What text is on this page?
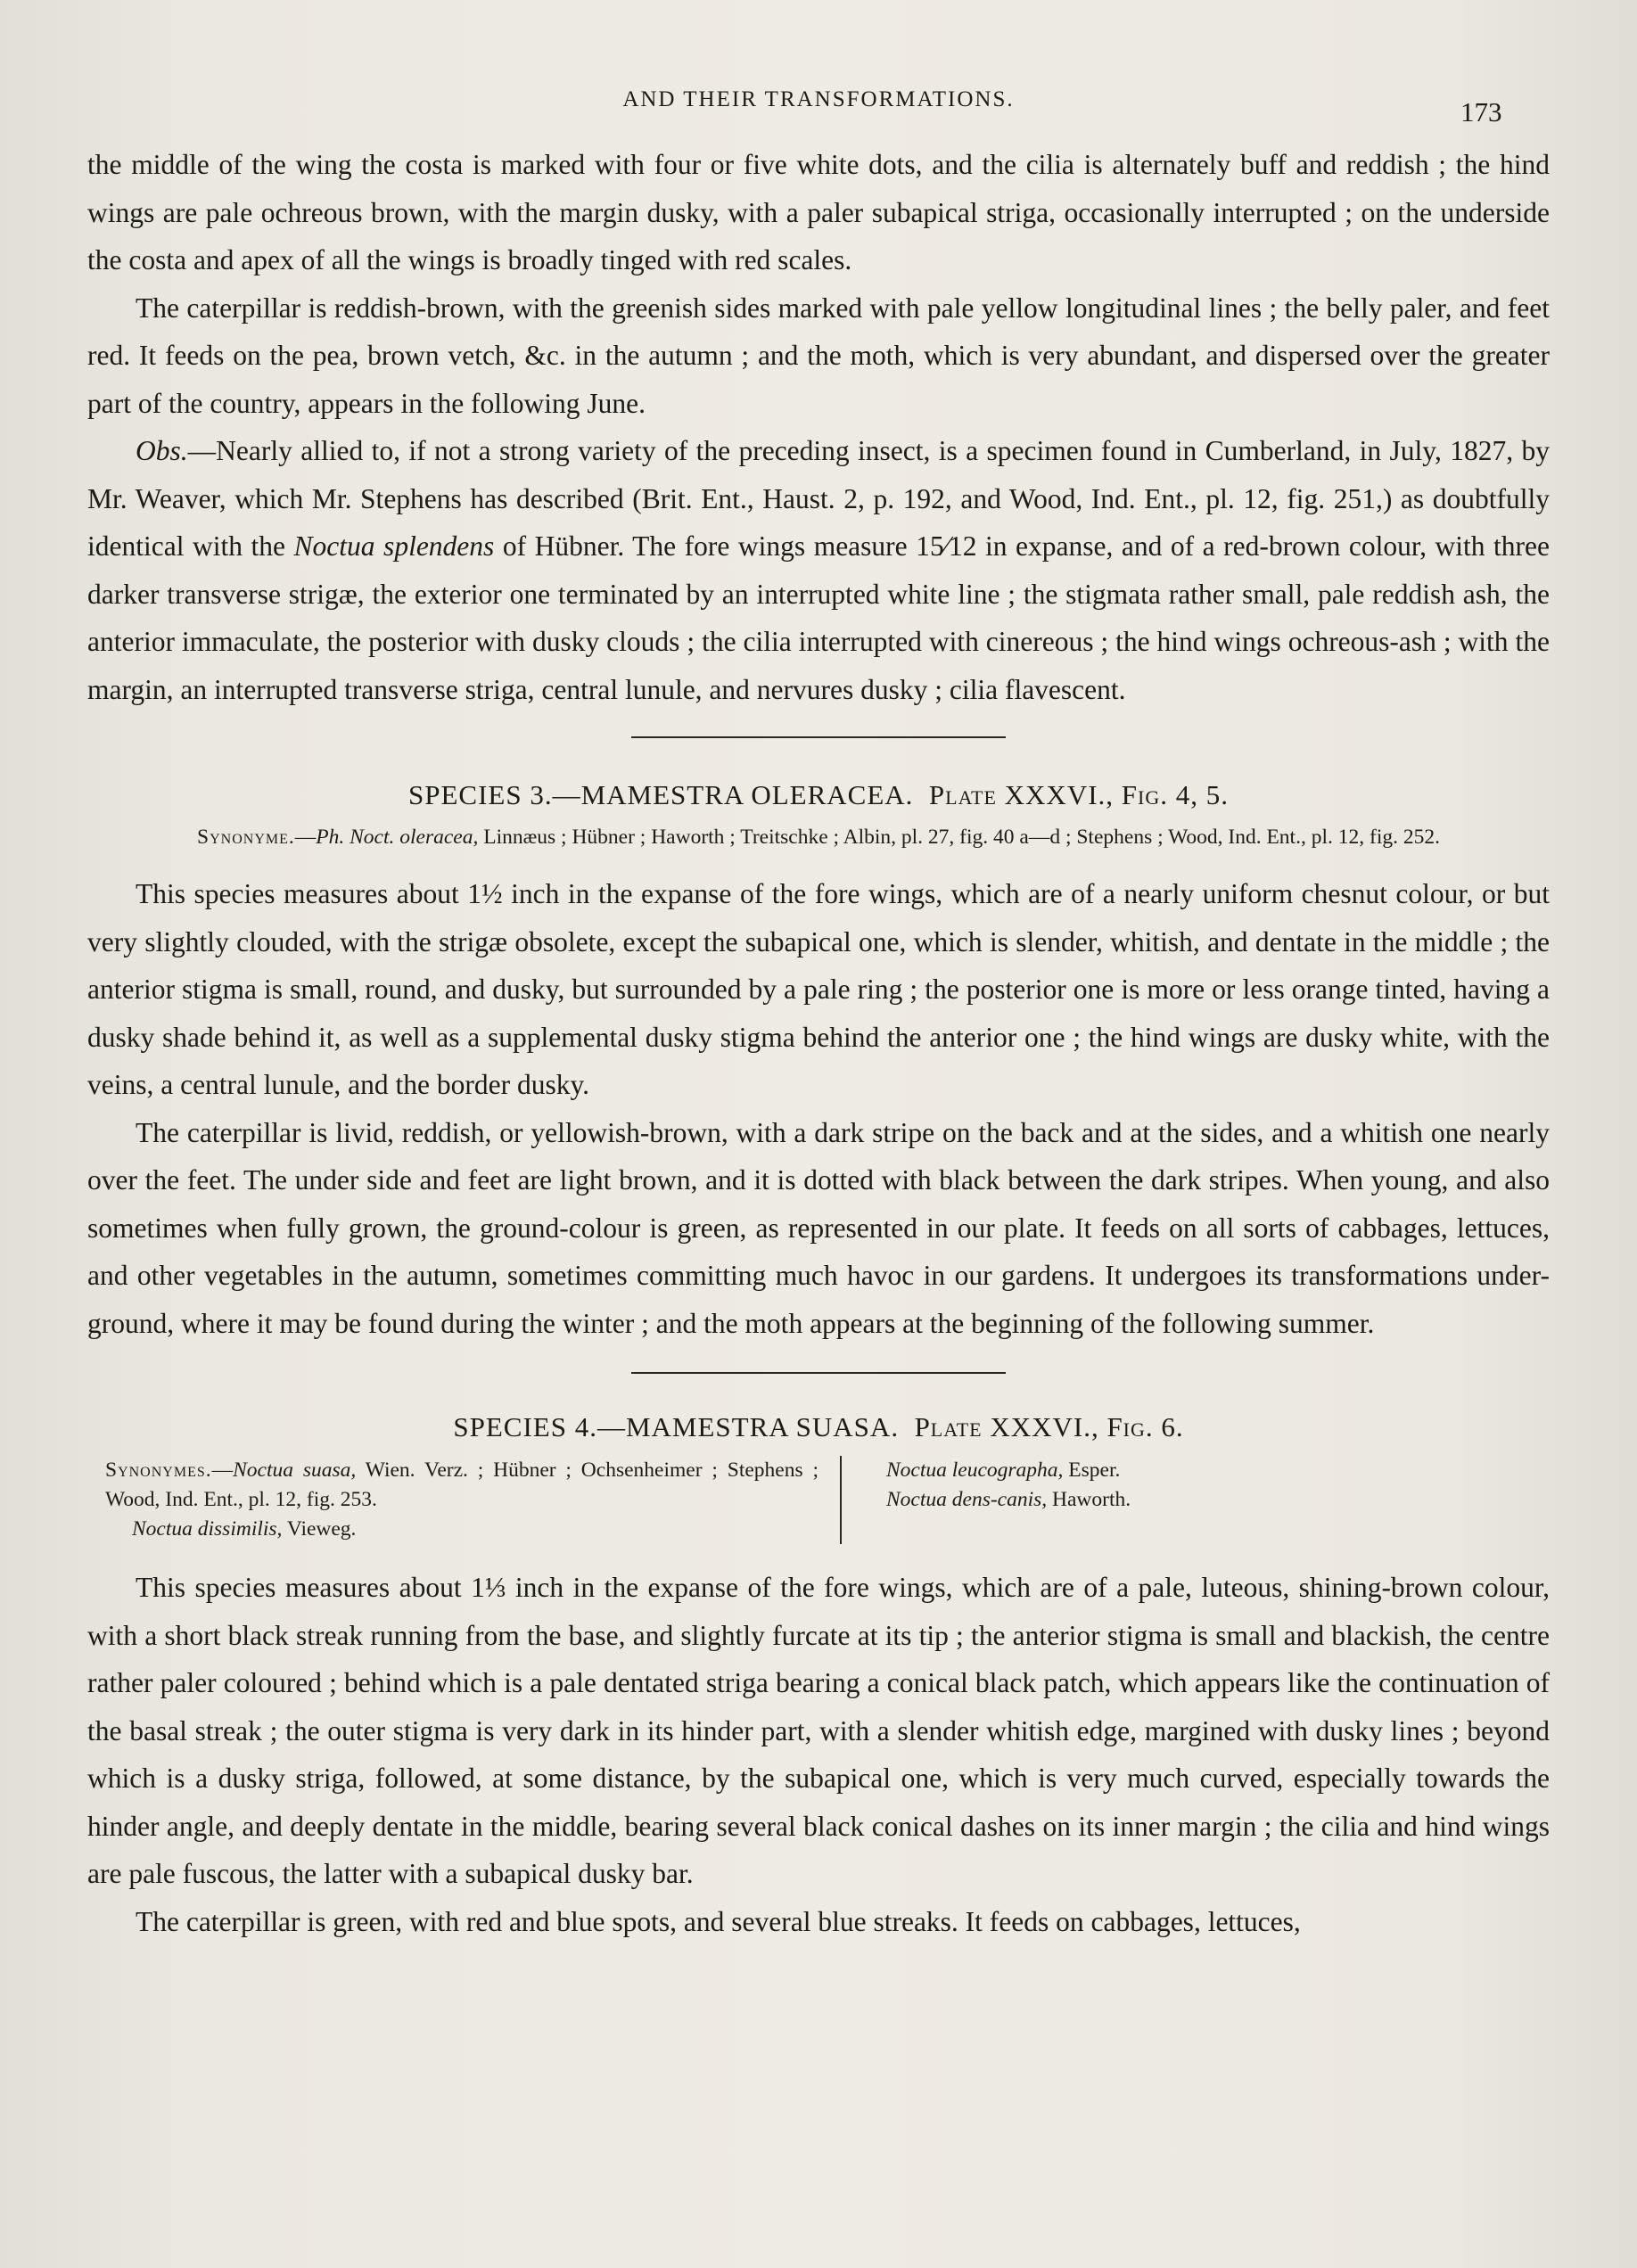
AND THEIR TRANSFORMATIONS.	173

the middle of the wing the costa is marked with four or five white dots, and the cilia is alternately buff and reddish ; the hind wings are pale ochreous brown, with the margin dusky, with a paler subapical striga, occasionally interrupted ; on the underside the costa and apex of all the wings is broadly tinged with red scales.

The caterpillar is reddish-brown, with the greenish sides marked with pale yellow longitudinal lines ; the belly paler, and feet red. It feeds on the pea, brown vetch, &c. in the autumn ; and the moth, which is very abundant, and dispersed over the greater part of the country, appears in the following June.

Obs.—Nearly allied to, if not a strong variety of the preceding insect, is a specimen found in Cumberland, in July, 1827, by Mr. Weaver, which Mr. Stephens has described (Brit. Ent., Haust. 2, p. 192, and Wood, Ind. Ent., pl. 12, fig. 251,) as doubtfully identical with the Noctua splendens of Hübner. The fore wings measure 15⁄12 in expanse, and of a red-brown colour, with three darker transverse strigæ, the exterior one terminated by an interrupted white line ; the stigmata rather small, pale reddish ash, the anterior immaculate, the posterior with dusky clouds ; the cilia interrupted with cinereous ; the hind wings ochreous-ash ; with the margin, an interrupted transverse striga, central lunule, and nervures dusky ; cilia flavescent.

SPECIES 3.—MAMESTRA OLERACEA. Plate XXXVI., Fig. 4, 5.
Synonyme.—Ph. Noct. oleracea, Linnæus ; Hübner ; Haworth ; Treitschke ; Albin, pl. 27, fig. 40 a—d ; Stephens ; Wood, Ind. Ent., pl. 12, fig. 252.

This species measures about 1½ inch in the expanse of the fore wings, which are of a nearly uniform chesnut colour, or but very slightly clouded, with the strigæ obsolete, except the subapical one, which is slender, whitish, and dentate in the middle ; the anterior stigma is small, round, and dusky, but surrounded by a pale ring ; the posterior one is more or less orange tinted, having a dusky shade behind it, as well as a supplemental dusky stigma behind the anterior one ; the hind wings are dusky white, with the veins, a central lunule, and the border dusky.

The caterpillar is livid, reddish, or yellowish-brown, with a dark stripe on the back and at the sides, and a whitish one nearly over the feet. The under side and feet are light brown, and it is dotted with black between the dark stripes. When young, and also sometimes when fully grown, the ground-colour is green, as represented in our plate. It feeds on all sorts of cabbages, lettuces, and other vegetables in the autumn, sometimes committing much havoc in our gardens. It undergoes its transformations under-ground, where it may be found during the winter ; and the moth appears at the beginning of the following summer.

SPECIES 4.—MAMESTRA SUASA. Plate XXXVI., Fig. 6.
Synonymes.—Noctua suasa, Wien. Verz. ; Hübner ; Ochsenheimer ; Stephens ; Wood, Ind. Ent., pl. 12, fig. 253.
Noctua dissimilis, Vieweg.
Noctua leucographa, Esper.
Noctua dens-canis, Haworth.

This species measures about 1⅓ inch in the expanse of the fore wings, which are of a pale, luteous, shining-brown colour, with a short black streak running from the base, and slightly furcate at its tip ; the anterior stigma is small and blackish, the centre rather paler coloured ; behind which is a pale dentated striga bearing a conical black patch, which appears like the continuation of the basal streak ; the outer stigma is very dark in its hinder part, with a slender whitish edge, margined with dusky lines ; beyond which is a dusky striga, followed, at some distance, by the subapical one, which is very much curved, especially towards the hinder angle, and deeply dentate in the middle, bearing several black conical dashes on its inner margin ; the cilia and hind wings are pale fuscous, the latter with a subapical dusky bar.

The caterpillar is green, with red and blue spots, and several blue streaks. It feeds on cabbages, lettuces,
